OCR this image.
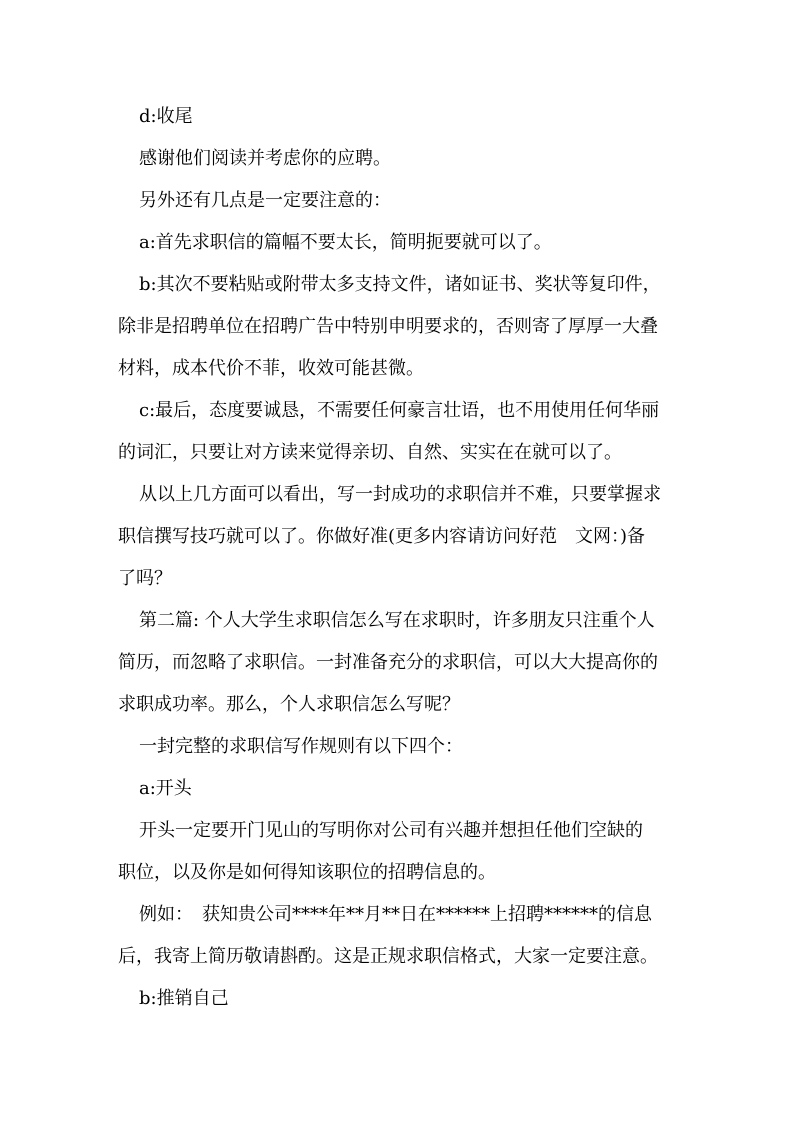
d:收尾
感谢他们阅读并考虑你的应聘。
另外还有几点是一定要注意的：
a:首先求职信的篇幅不要太长，简明扼要就可以了。
b:其次不要粘贴或附带太多支持文件，诸如证书、奖状等复印件，
除非是招聘单位在招聘广告中特别申明要求的，否则寄了厚厚一大叠
材料，成本代价不菲，收效可能甚微。
c:最后，态度要诚恳，不需要任何豪言壮语，也不用使用任何华丽
的词汇，只要让对方读来觉得亲切、自然、实实在在就可以了。
从以上几方面可以看出，写一封成功的求职信并不难，只要掌握求
职信撰写技巧就可以了。你做好准(更多内容请访问好范　文网：)备
了吗？
第二篇: 个人大学生求职信怎么写在求职时，许多朋友只注重个人
简历，而忽略了求职信。一封准备充分的求职信，可以大大提高你的
求职成功率。那么，个人求职信怎么写呢？
一封完整的求职信写作规则有以下四个：
a:开头
开头一定要开门见山的写明你对公司有兴趣并想担任他们空缺的
职位，以及你是如何得知该职位的招聘信息的。
例如：　获知贵公司****年**月**日在******上招聘******的信息
后，我寄上简历敬请斟酌。这是正规求职信格式，大家一定要注意。
b:推销自己
